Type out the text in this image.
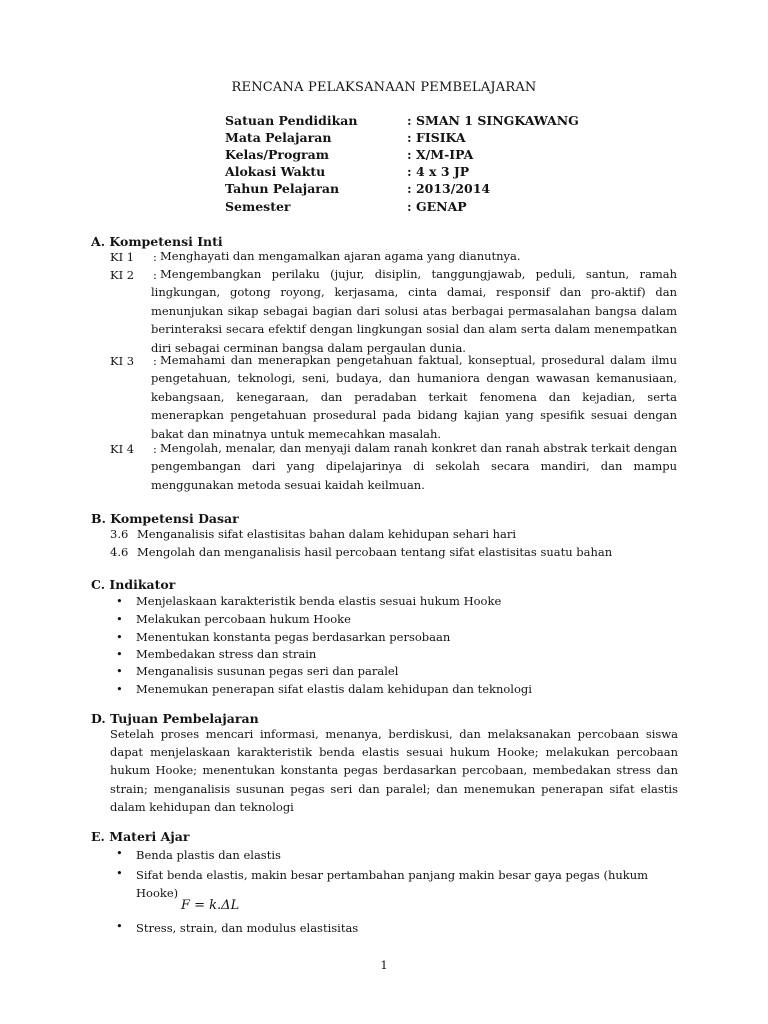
RENCANA PELAKSANAAN PEMBELAJARAN
Satuan Pendidikan	: SMAN 1 SINGKAWANG
Mata Pelajaran	: FISIKA
Kelas/Program	: X/M-IPA
Alokasi Waktu	: 4 x 3 JP
Tahun Pelajaran	: 2013/2014
Semester	: GENAP
A. Kompetensi Inti
KI 1 : Menghayati dan mengamalkan ajaran agama yang dianutnya.
KI 2 : Mengembangkan perilaku (jujur, disiplin, tanggungjawab, peduli, santun, ramah lingkungan, gotong royong, kerjasama, cinta damai, responsif dan pro-aktif) dan menunjukan sikap sebagai bagian dari solusi atas berbagai permasalahan bangsa dalam berinteraksi secara efektif dengan lingkungan sosial dan alam serta dalam menempatkan diri sebagai cerminan bangsa dalam pergaulan dunia.
KI 3 : Memahami dan menerapkan pengetahuan faktual, konseptual, prosedural dalam ilmu pengetahuan, teknologi, seni, budaya, dan humaniora dengan wawasan kemanusiaan, kebangsaan, kenegaraan, dan peradaban terkait fenomena dan kejadian, serta menerapkan pengetahuan prosedural pada bidang kajian yang spesifik sesuai dengan bakat dan minatnya untuk memecahkan masalah.
KI 4 : Mengolah, menalar, dan menyaji dalam ranah konkret dan ranah abstrak terkait dengan pengembangan dari yang dipelajarinya di sekolah secara mandiri, dan mampu menggunakan metoda sesuai kaidah keilmuan.
B. Kompetensi Dasar
3.6 Menganalisis sifat elastisitas bahan dalam kehidupan sehari hari
4.6 Mengolah dan menganalisis hasil percobaan tentang sifat elastisitas suatu bahan
C. Indikator
• Menjelaskaan karakteristik benda elastis sesuai hukum Hooke
• Melakukan percobaan hukum Hooke
• Menentukan konstanta pegas berdasarkan persobaan
• Membedakan stress dan strain
• Menganalisis susunan pegas seri dan paralel
• Menemukan penerapan sifat elastis dalam kehidupan dan teknologi
D. Tujuan Pembelajaran
Setelah proses mencari informasi, menanya, berdiskusi, dan melaksanakan percobaan siswa dapat menjelaskaan karakteristik benda elastis sesuai hukum Hooke; melakukan percobaan hukum Hooke; menentukan konstanta pegas berdasarkan percobaan, membedakan stress dan strain; menganalisis susunan pegas seri dan paralel; dan menemukan penerapan sifat elastis dalam kehidupan dan teknologi
E. Materi Ajar
• Benda plastis dan elastis
• Sifat benda elastis, makin besar pertambahan panjang makin besar gaya pegas (hukum Hooke)
F = k.ΔL
• Stress, strain, dan modulus elastisitas
1
